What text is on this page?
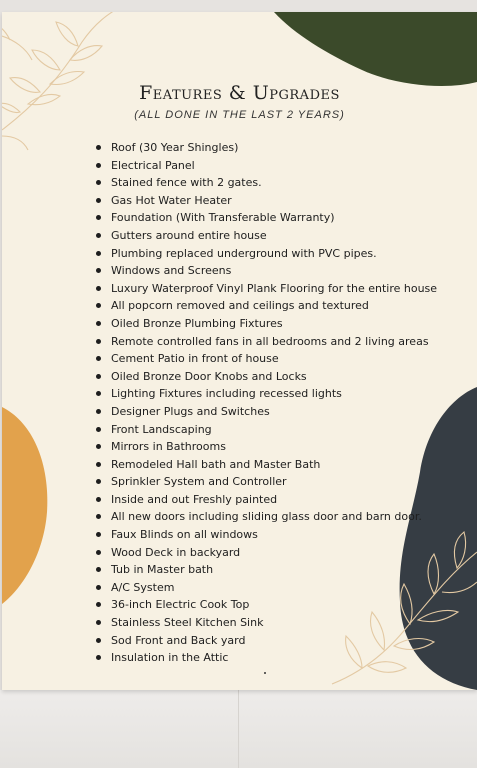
Features & Upgrades
(ALL DONE IN THE LAST 2 YEARS)
Roof (30 Year Shingles)
Electrical Panel
Stained fence with 2 gates.
Gas Hot Water Heater
Foundation (With Transferable Warranty)
Gutters around entire house
Plumbing replaced underground with PVC pipes.
Windows and Screens
Luxury Waterproof Vinyl Plank Flooring for the entire house
All popcorn removed and ceilings and textured
Oiled Bronze Plumbing Fixtures
Remote controlled fans in all bedrooms and 2 living areas
Cement Patio in front of house
Oiled Bronze Door Knobs and Locks
Lighting Fixtures including recessed lights
Designer Plugs and Switches
Front Landscaping
Mirrors in Bathrooms
Remodeled Hall bath and Master Bath
Sprinkler System and Controller
Inside and out Freshly painted
All new doors including sliding glass door and barn door.
Faux Blinds on all windows
Wood Deck in backyard
Tub in Master bath
A/C System
36-inch Electric Cook Top
Stainless Steel Kitchen Sink
Sod Front and Back yard
Insulation in the Attic
